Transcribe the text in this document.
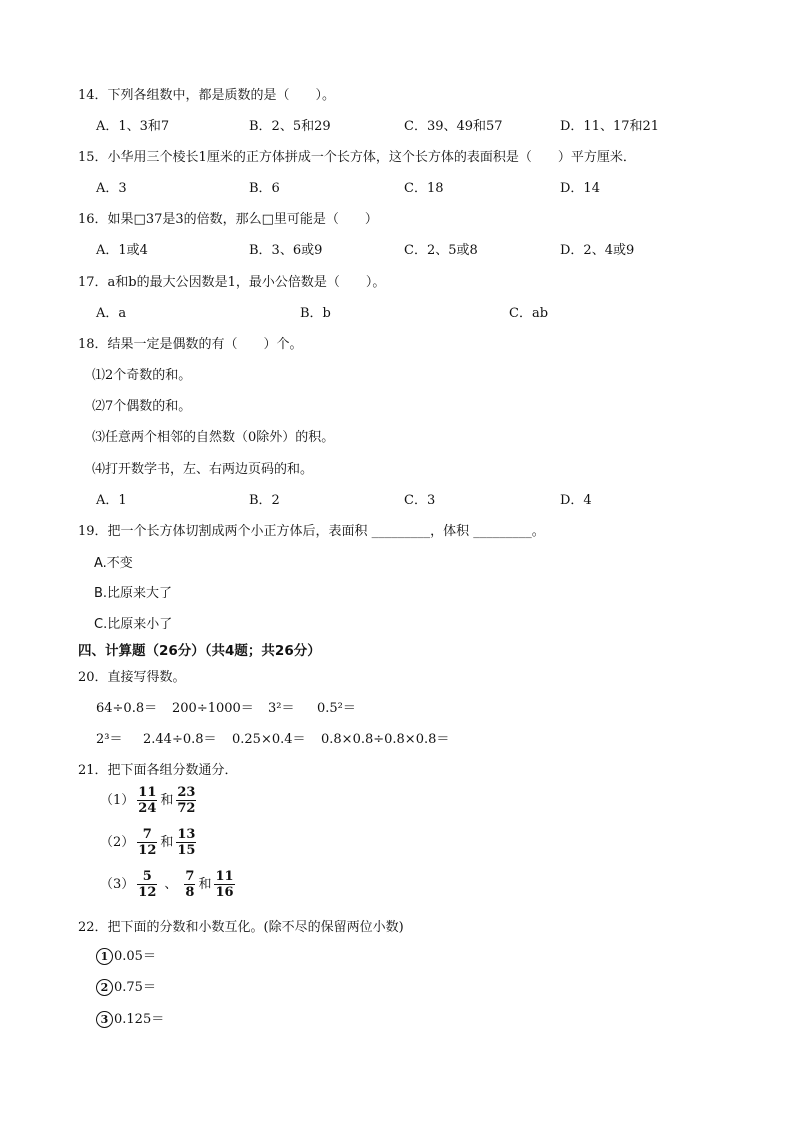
14．下列各组数中，都是质数的是（　　）。
A．1、3和7	B．2、5和29	C．39、49和57	D．11、17和21
15．小华用三个棱长1厘米的正方体拼成一个长方体，这个长方体的表面积是（　　）平方厘米．
A．3	B．6	C．18	D．14
16．如果□37是3的倍数，那么□里可能是（　　）
A．1或4	B．3、6或9	C．2、5或8	D．2、4或9
17．a和b的最大公因数是1，最小公倍数是（　　）。
A．a	B．b	C．ab
18．结果一定是偶数的有（　　）个。
⑴2个奇数的和。
⑵7个偶数的和。
⑶任意两个相邻的自然数（0除外）的积。
⑷打开数学书，左、右两边页码的和。
A．1	B．2	C．3	D．4
19．把一个长方体切割成两个小正方体后，表面积 _________，体积 _________。
A.不变
B.比原来大了
C.比原来小了
四、计算题（26分）（共4题；共26分）
20．直接写得数。
64÷0.8＝ 200÷1000＝ 3²＝ 0.5²＝
2³＝ 2.44÷0.8＝ 0.25×0.4＝ 0.8×0.8÷0.8×0.8＝
21．把下面各组分数通分．
$(1) \frac{11}{24}$ 和 $\frac{23}{72}$
$(2) \frac{7}{12}$ 和 $\frac{13}{15}$
$(3) \frac{5}{12}$ 、 $\frac{7}{8}$ 和 $\frac{11}{16}$
22．把下面的分数和小数互化。(除不尽的保留两位小数)
1 0.05＝
2 0.75＝
3 0.125＝
